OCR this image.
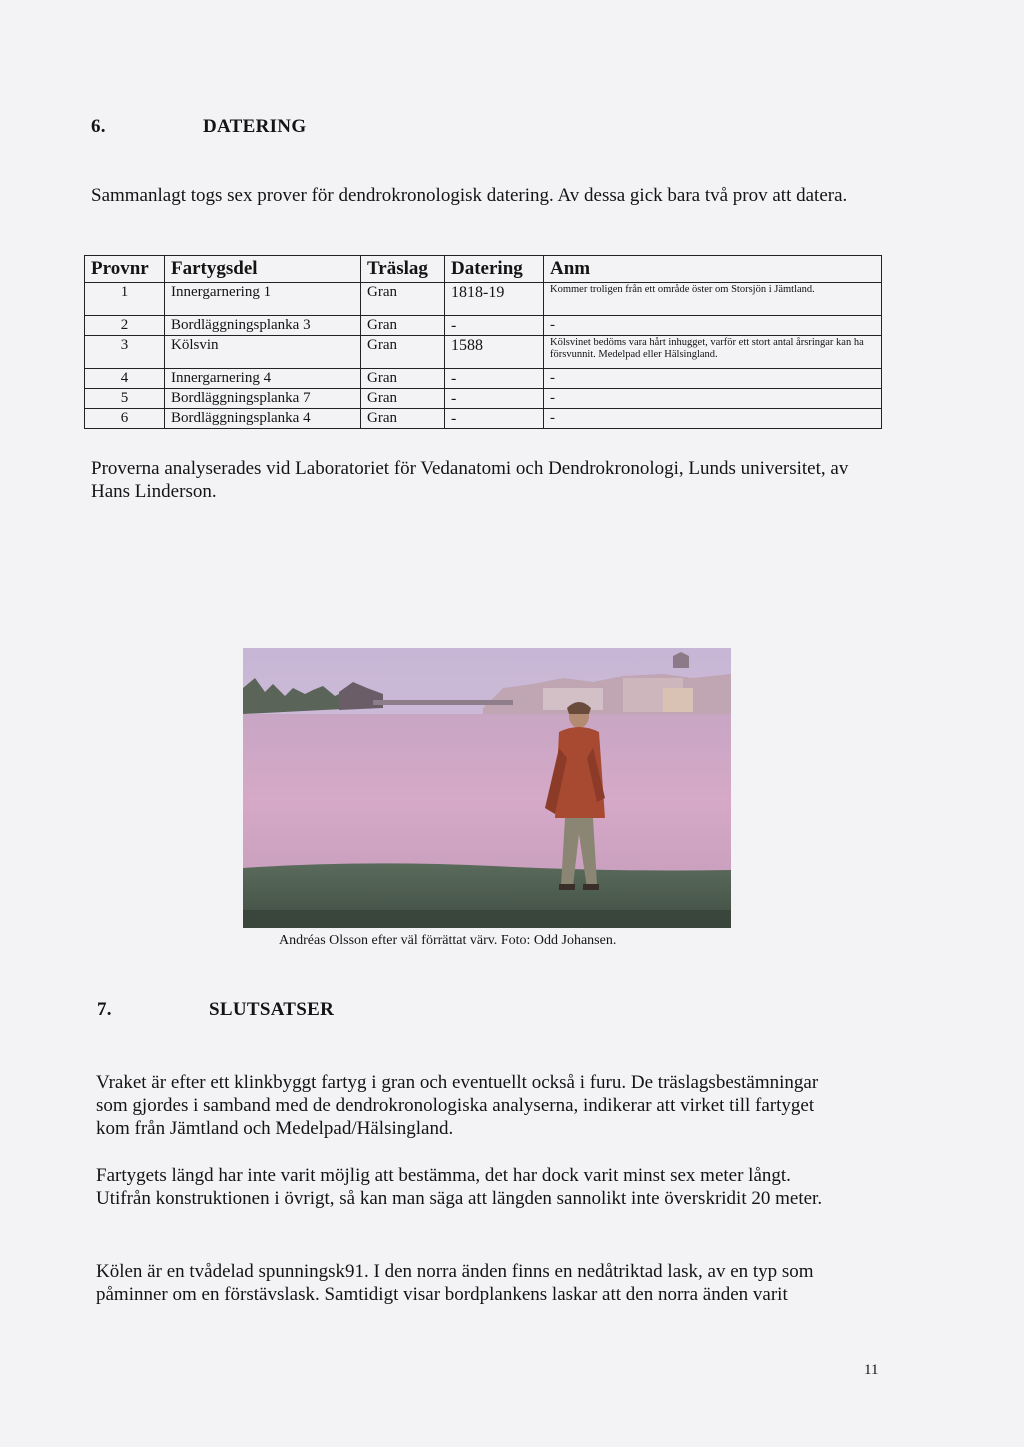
6.	DATERING
Sammanlagt togs sex prover för dendrokronologisk datering. Av dessa gick bara två prov att datera.
Provnr	Fartygsdel	Träslag	Datering	Anm
1	Innergarnering 1	Gran	1818-19	Kommer troligen från ett område öster om Storsjön i Jämtland.
2	Bordläggningsplanka 3	Gran	-	-
3	Kölsvin	Gran	1588	Kölsvinet bedöms vara hårt inhugget, varför ett stort antal årsringar kan ha försvunnit. Medelpad eller Hälsingland.
4	Innergarnering 4	Gran	-	-
5	Bordläggningsplanka 7	Gran	-	-
6	Bordläggningsplanka 4	Gran	-	-
Proverna analyserades vid Laboratoriet för Vedanatomi och Dendrokronologi, Lunds universitet, av Hans Linderson.
Andréas Olsson efter väl förrättat värv. Foto: Odd Johansen.
7.	SLUTSATSER
Vraket är efter ett klinkbyggt fartyg i gran och eventuellt också i furu. De träslagsbestämningar som gjordes i samband med de dendrokronologiska analyserna, indikerar att virket till fartyget kom från Jämtland och Medelpad/Hälsingland.
Fartygets längd har inte varit möjlig att bestämma, det har dock varit minst sex meter långt. Utifrån konstruktionen i övrigt, så kan man säga att längden sannolikt inte överskridit 20 meter.
Kölen är en tvådelad spunningsk91. I den norra änden finns en nedåtriktad lask, av en typ som påminner om en förstävslask. Samtidigt visar bordplankens laskar att den norra änden varit
11
